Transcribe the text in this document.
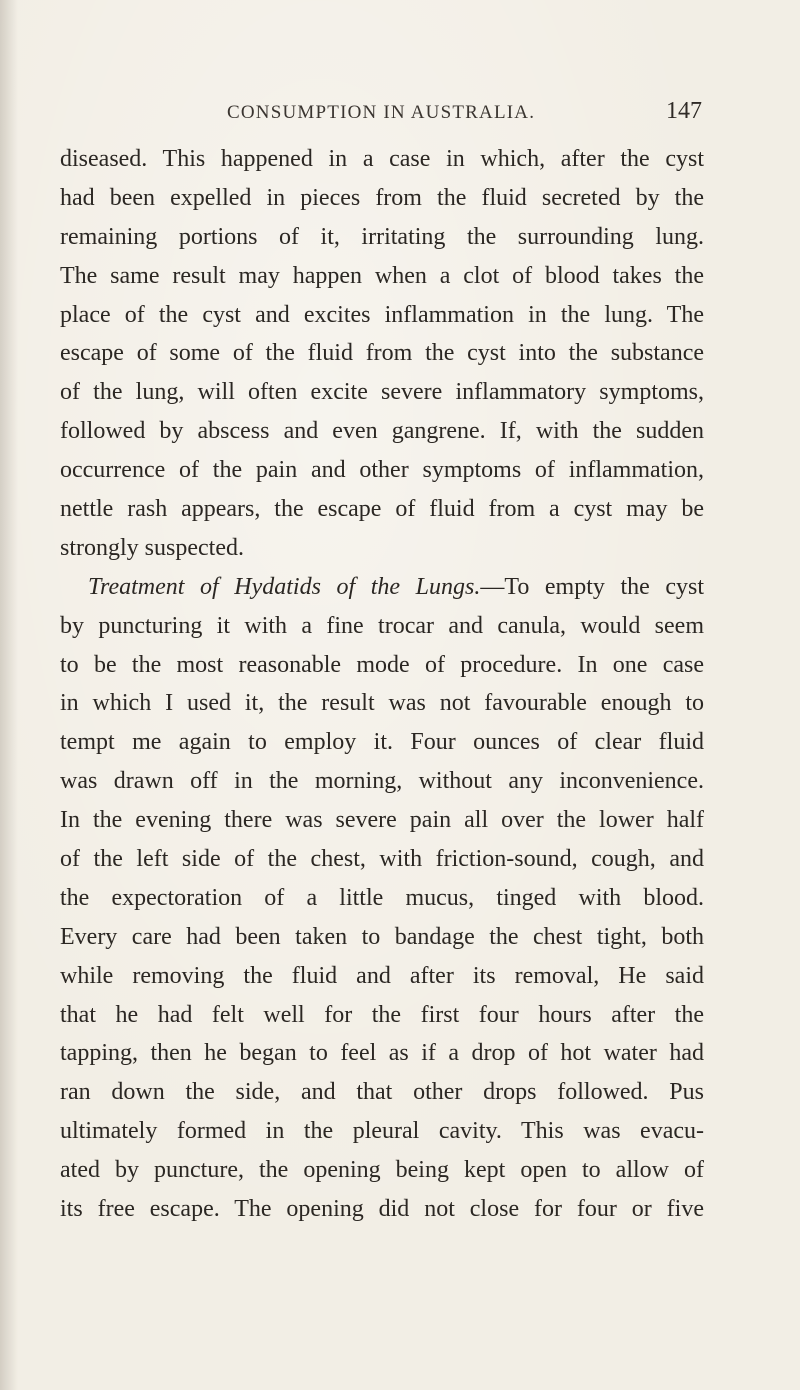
CONSUMPTION IN AUSTRALIA.	147
diseased. This happened in a case in which, after the cyst
had been expelled in pieces from the fluid secreted by the
remaining portions of it, irritating the surrounding lung.
The same result may happen when a clot of blood takes the
place of the cyst and excites inflammation in the lung. The
escape of some of the fluid from the cyst into the substance
of the lung, will often excite severe inflammatory symptoms,
followed by abscess and even gangrene. If, with the sudden
occurrence of the pain and other symptoms of inflammation,
nettle rash appears, the escape of fluid from a cyst may be
strongly suspected.
Treatment of Hydatids of the Lungs.—To empty the cyst
by puncturing it with a fine trocar and canula, would seem
to be the most reasonable mode of procedure. In one case
in which I used it, the result was not favourable enough to
tempt me again to employ it. Four ounces of clear fluid
was drawn off in the morning, without any inconvenience.
In the evening there was severe pain all over the lower half
of the left side of the chest, with friction-sound, cough, and
the expectoration of a little mucus, tinged with blood.
Every care had been taken to bandage the chest tight, both
while removing the fluid and after its removal, He said
that he had felt well for the first four hours after the
tapping, then he began to feel as if a drop of hot water had
ran down the side, and that other drops followed. Pus
ultimately formed in the pleural cavity. This was evacu-
ated by puncture, the opening being kept open to allow of
its free escape. The opening did not close for four or five
